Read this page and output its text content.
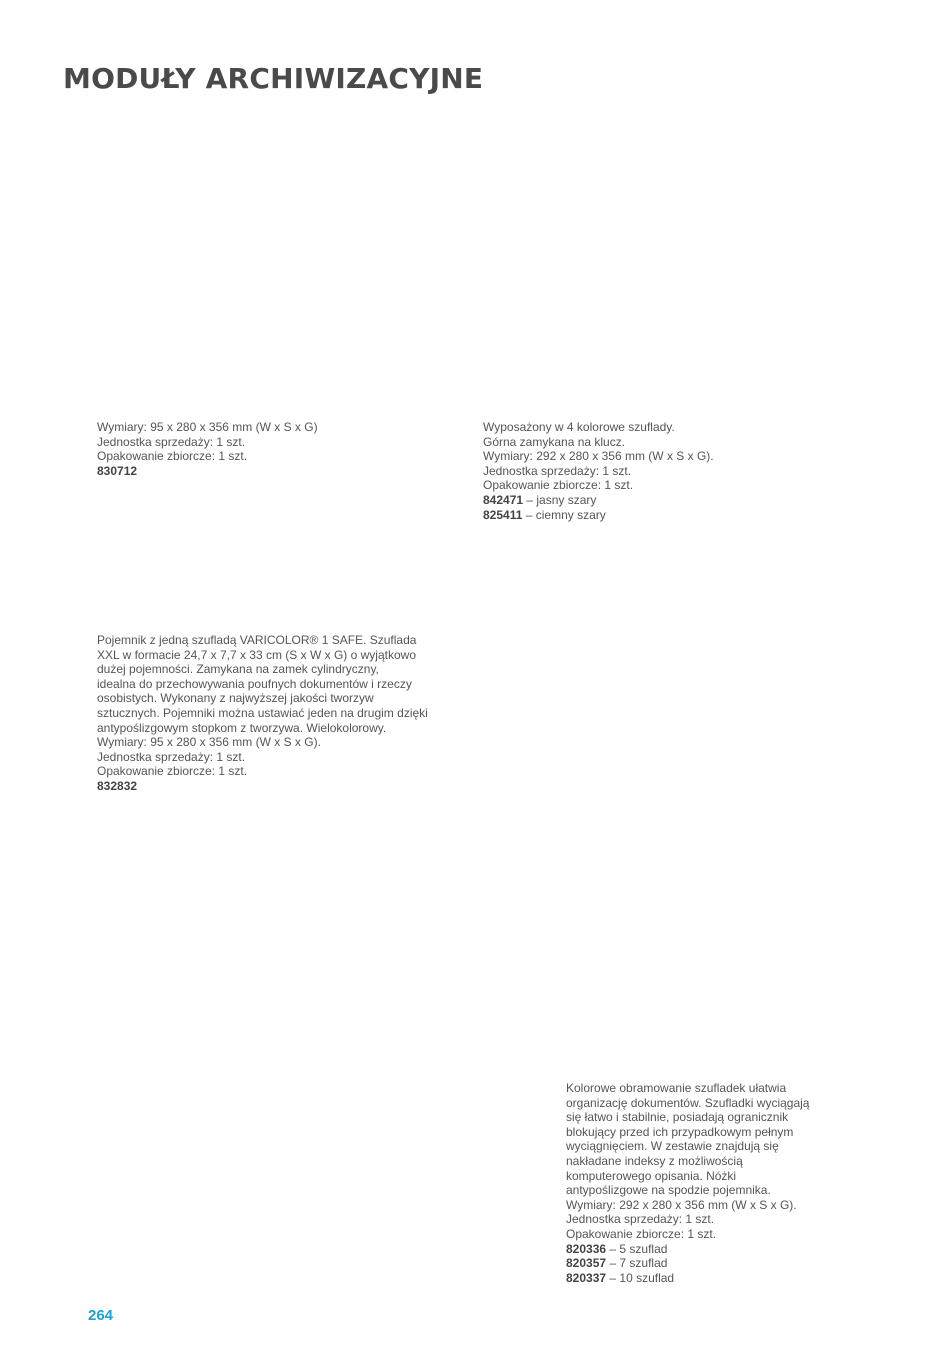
MODUŁY ARCHIWIZACYJNE
Wymiary: 95 x 280 x 356 mm (W x S x G)
Jednostka sprzedaży: 1 szt.
Opakowanie zbiorcze: 1 szt.
830712
Wyposażony w 4 kolorowe szuflady.
Górna zamykana na klucz.
Wymiary: 292 x 280 x 356 mm (W x S x G).
Jednostka sprzedaży: 1 szt.
Opakowanie zbiorcze: 1 szt.
842471 – jasny szary
825411 – ciemny szary
Pojemnik z jedną szufladą VARICOLOR® 1 SAFE. Szuflada
XXL w formacie 24,7 x 7,7 x 33 cm (S x W x G) o wyjątkowo
dużej pojemności. Zamykana na zamek cylindryczny,
idealna do przechowywania poufnych dokumentów i rzeczy
osobistych. Wykonany z najwyższej jakości tworzyw
sztucznych. Pojemniki można ustawiać jeden na drugim dzięki
antypoślizgowym stopkom z tworzywa. Wielokolorowy.
Wymiary: 95 x 280 x 356 mm (W x S x G).
Jednostka sprzedaży: 1 szt.
Opakowanie zbiorcze: 1 szt.
832832
Kolorowe obramowanie szufladek ułatwia
organizację dokumentów. Szufladki wyciągają
się łatwo i stabilnie, posiadają ogranicznik
blokujący przed ich przypadkowym pełnym
wyciągnięciem. W zestawie znajdują się
nakładane indeksy z możliwością
komputerowego opisania. Nóżki
antypoślizgowe na spodzie pojemnika.
Wymiary: 292 x 280 x 356 mm (W x S x G).
Jednostka sprzedaży: 1 szt.
Opakowanie zbiorcze: 1 szt.
820336 – 5 szuflad
820357 – 7 szuflad
820337 – 10 szuflad
264
